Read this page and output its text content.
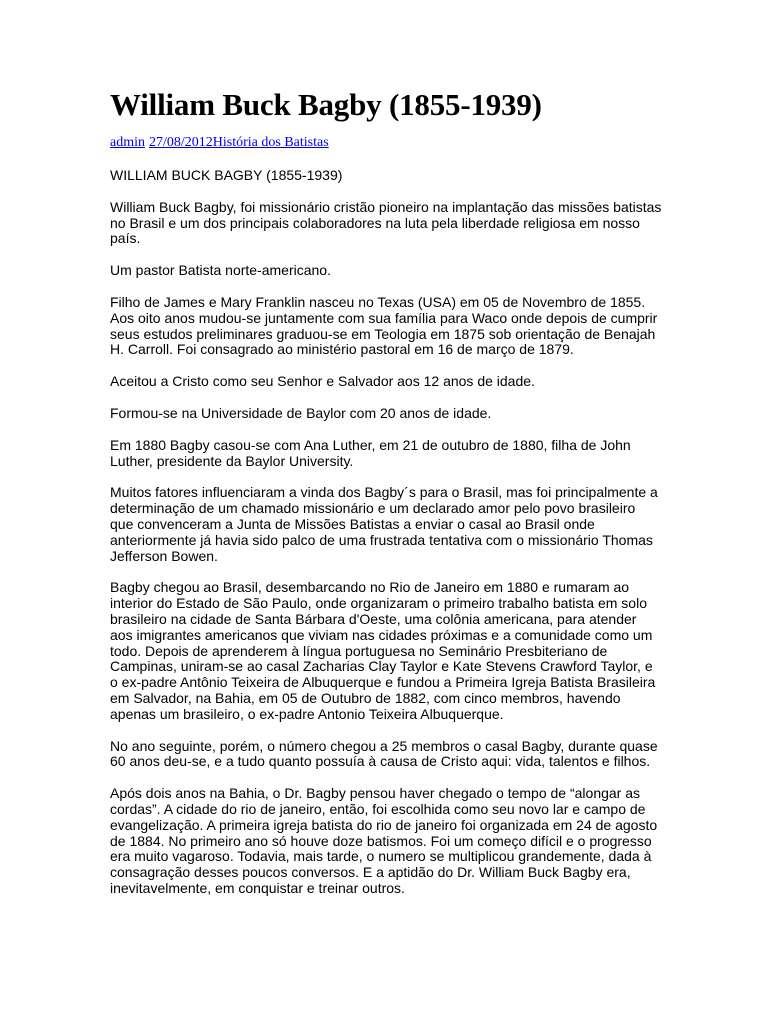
William Buck Bagby (1855-1939)
admin 27/08/2012História dos Batistas

WILLIAM BUCK BAGBY (1855-1939)

William Buck Bagby, foi missionário cristão pioneiro na implantação das missões batistas no Brasil e um dos principais colaboradores na luta pela liberdade religiosa em nosso país.

Um pastor Batista norte-americano.

Filho de James e Mary Franklin nasceu no Texas (USA) em 05 de Novembro de 1855. Aos oito anos mudou-se juntamente com sua família para Waco onde depois de cumprir seus estudos preliminares graduou-se em Teologia em 1875 sob orientação de Benajah H. Carroll. Foi consagrado ao ministério pastoral em 16 de março de 1879.

Aceitou a Cristo como seu Senhor e Salvador aos 12 anos de idade.

Formou-se na Universidade de Baylor com 20 anos de idade.

Em 1880 Bagby casou-se com Ana Luther, em 21 de outubro de 1880, filha de John Luther, presidente da Baylor University.

Muitos fatores influenciaram a vinda dos Bagby´s para o Brasil, mas foi principalmente a determinação de um chamado missionário e um declarado amor pelo povo brasileiro que convenceram a Junta de Missões Batistas a enviar o casal ao Brasil onde anteriormente já havia sido palco de uma frustrada tentativa com o missionário Thomas Jefferson Bowen.

Bagby chegou ao Brasil, desembarcando no Rio de Janeiro em 1880 e rumaram ao interior do Estado de São Paulo, onde organizaram o primeiro trabalho batista em solo brasileiro na cidade de Santa Bárbara d'Oeste, uma colônia americana, para atender aos imigrantes americanos que viviam nas cidades próximas e a comunidade como um todo. Depois de aprenderem à língua portuguesa no Seminário Presbiteriano de Campinas, uniram-se ao casal Zacharias Clay Taylor e Kate Stevens Crawford Taylor, e o ex-padre Antônio Teixeira de Albuquerque e fundou a Primeira Igreja Batista Brasileira em Salvador, na Bahia, em 05 de Outubro de 1882, com cinco membros, havendo apenas um brasileiro, o ex-padre Antonio Teixeira Albuquerque.

No ano seguinte, porém, o número chegou a 25 membros o casal Bagby, durante quase 60 anos deu-se, e a tudo quanto possuía à causa de Cristo aqui: vida, talentos e filhos.

Após dois anos na Bahia, o Dr. Bagby pensou haver chegado o tempo de “alongar as cordas”. A cidade do rio de janeiro, então, foi escolhida como seu novo lar e campo de evangelização. A primeira igreja batista do rio de janeiro foi organizada em 24 de agosto de 1884. No primeiro ano só houve doze batismos. Foi um começo difícil e o progresso era muito vagaroso. Todavia, mais tarde, o numero se multiplicou grandemente, dada à consagração desses poucos conversos. E a aptidão do Dr. William Buck Bagby era, inevitavelmente, em conquistar e treinar outros.
